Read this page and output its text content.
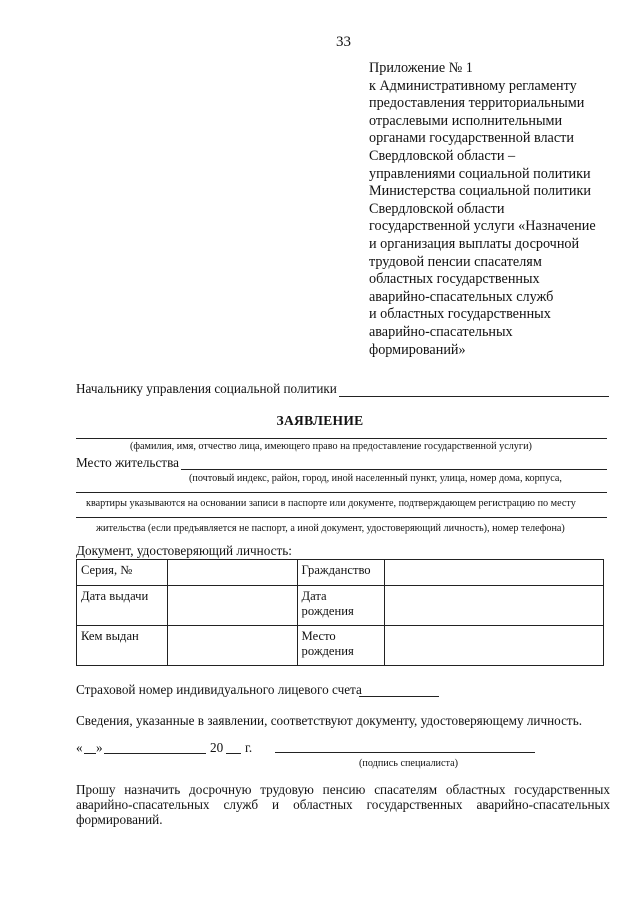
33
Приложение № 1
к Административному регламенту
предоставления территориальными
отраслевыми исполнительными
органами государственной власти
Свердловской области –
управлениями социальной политики
Министерства социальной политики
Свердловской области
государственной услуги «Назначение
и организация выплаты досрочной
трудовой пенсии спасателям
областных государственных
аварийно-спасательных служб
и областных государственных
аварийно-спасательных
формирований»
Начальнику управления социальной политики
ЗАЯВЛЕНИЕ
(фамилия, имя, отчество лица, имеющего право на предоставление государственной услуги)
Место жительства
(почтовый индекс, район, город, иной населенный пункт, улица, номер дома, корпуса,
квартиры указываются на основании записи в паспорте или документе, подтверждающем регистрацию по месту
жительства (если предъявляется не паспорт, а иной документ, удостоверяющий личность), номер телефона)
Документ, удостоверяющий личность:
Серия, №		Гражданство	
Дата выдачи		Дата рождения	
Кем выдан		Место рождения	
Страховой номер индивидуального лицевого счета
Сведения, указанные в заявлении, соответствуют документу, удостоверяющему личность.
« »	20 г.
(подпись специалиста)
Прошу назначить досрочную трудовую пенсию спасателям областных государственных аварийно-спасательных служб и областных государственных аварийно-спасательных формирований.
